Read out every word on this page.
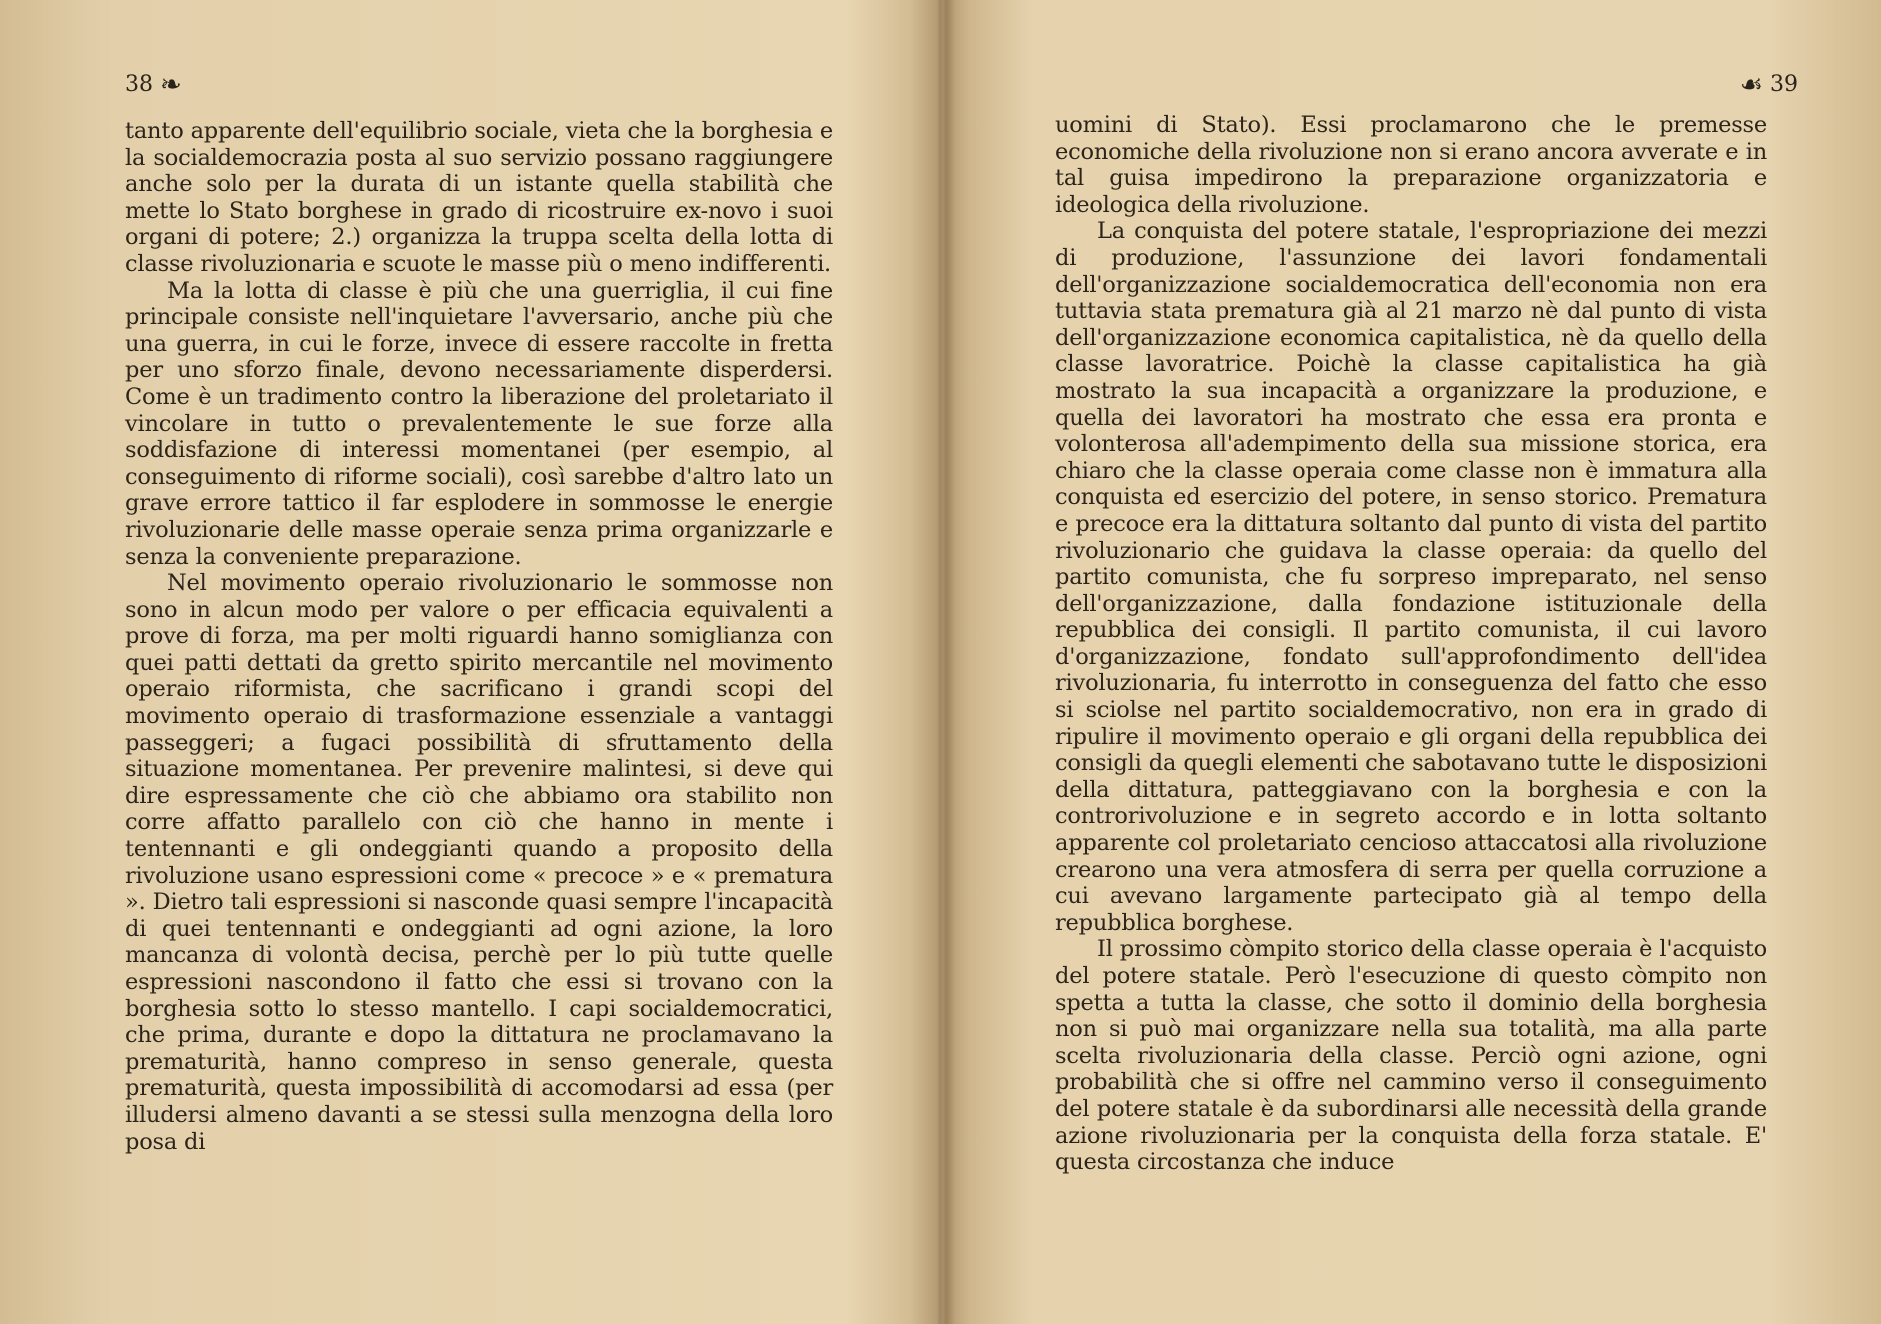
38 ❧

tanto apparente dell'equilibrio sociale, vieta che la borghesia e la socialdemocrazia posta al suo servizio possano raggiungere anche solo per la durata di un istante quella stabilità che mette lo Stato borghese in grado di ricostruire ex-novo i suoi organi di potere; 2.) organizza la truppa scelta della lotta di classe rivoluzionaria e scuote le masse più o meno indifferenti.

Ma la lotta di classe è più che una guerriglia, il cui fine principale consiste nell'inquietare l'avversario, anche più che una guerra, in cui le forze, invece di essere raccolte in fretta per uno sforzo finale, devono necessariamente disperdersi. Come è un tradimento contro la liberazione del proletariato il vincolare in tutto o prevalentemente le sue forze alla soddisfazione di interessi momentanei (per esempio, al conseguimento di riforme sociali), così sarebbe d'altro lato un grave errore tattico il far esplodere in sommosse le energie rivoluzionarie delle masse operaie senza prima organizzarle e senza la conveniente preparazione.

Nel movimento operaio rivoluzionario le sommosse non sono in alcun modo per valore o per efficacia equivalenti a prove di forza, ma per molti riguardi hanno somiglianza con quei patti dettati da gretto spirito mercantile nel movimento operaio riformista, che sacrificano i grandi scopi del movimento operaio di trasformazione essenziale a vantaggi passeggeri; a fugaci possibilità di sfruttamento della situazione momentanea. Per prevenire malintesi, si deve qui dire espressamente che ciò che abbiamo ora stabilito non corre affatto parallelo con ciò che hanno in mente i tentennanti e gli ondeggianti quando a proposito della rivoluzione usano espressioni come « precoce » e « prematura ». Dietro tali espressioni si nasconde quasi sempre l'incapacità di quei tentennanti e ondeggianti ad ogni azione, la loro mancanza di volontà decisa, perchè per lo più tutte quelle espressioni nascondono il fatto che essi si trovano con la borghesia sotto lo stesso mantello. I capi socialdemocratici, che prima, durante e dopo la dittatura ne proclamavano la prematurità, hanno compreso in senso generale, questa prematurità, questa impossibilità di accomodarsi ad essa (per illudersi almeno davanti a se stessi sulla menzogna della loro posa di

☙ 39

uomini di Stato). Essi proclamarono che le premesse economiche della rivoluzione non si erano ancora avverate e in tal guisa impedirono la preparazione organizzatoria e ideologica della rivoluzione.

La conquista del potere statale, l'espropriazione dei mezzi di produzione, l'assunzione dei lavori fondamentali dell'organizzazione socialdemocratica dell'economia non era tuttavia stata prematura già al 21 marzo nè dal punto di vista dell'organizzazione economica capitalistica, nè da quello della classe lavoratrice. Poichè la classe capitalistica ha già mostrato la sua incapacità a organizzare la produzione, e quella dei lavoratori ha mostrato che essa era pronta e volonterosa all'adempimento della sua missione storica, era chiaro che la classe operaia come classe non è immatura alla conquista ed esercizio del potere, in senso storico. Prematura e precoce era la dittatura soltanto dal punto di vista del partito rivoluzionario che guidava la classe operaia: da quello del partito comunista, che fu sorpreso impreparato, nel senso dell'organizzazione, dalla fondazione istituzionale della repubblica dei consigli. Il partito comunista, il cui lavoro d'organizzazione, fondato sull'approfondimento dell'idea rivoluzionaria, fu interrotto in conseguenza del fatto che esso si sciolse nel partito socialdemocrativo, non era in grado di ripulire il movimento operaio e gli organi della repubblica dei consigli da quegli elementi che sabotavano tutte le disposizioni della dittatura, patteggiavano con la borghesia e con la controrivoluzione e in segreto accordo e in lotta soltanto apparente col proletariato cencioso attaccatosi alla rivoluzione crearono una vera atmosfera di serra per quella corruzione a cui avevano largamente partecipato già al tempo della repubblica borghese.

Il prossimo còmpito storico della classe operaia è l'acquisto del potere statale. Però l'esecuzione di questo còmpito non spetta a tutta la classe, che sotto il dominio della borghesia non si può mai organizzare nella sua totalità, ma alla parte scelta rivoluzionaria della classe. Perciò ogni azione, ogni probabilità che si offre nel cammino verso il conseguimento del potere statale è da subordinarsi alle necessità della grande azione rivoluzionaria per la conquista della forza statale. E' questa circostanza che induce
